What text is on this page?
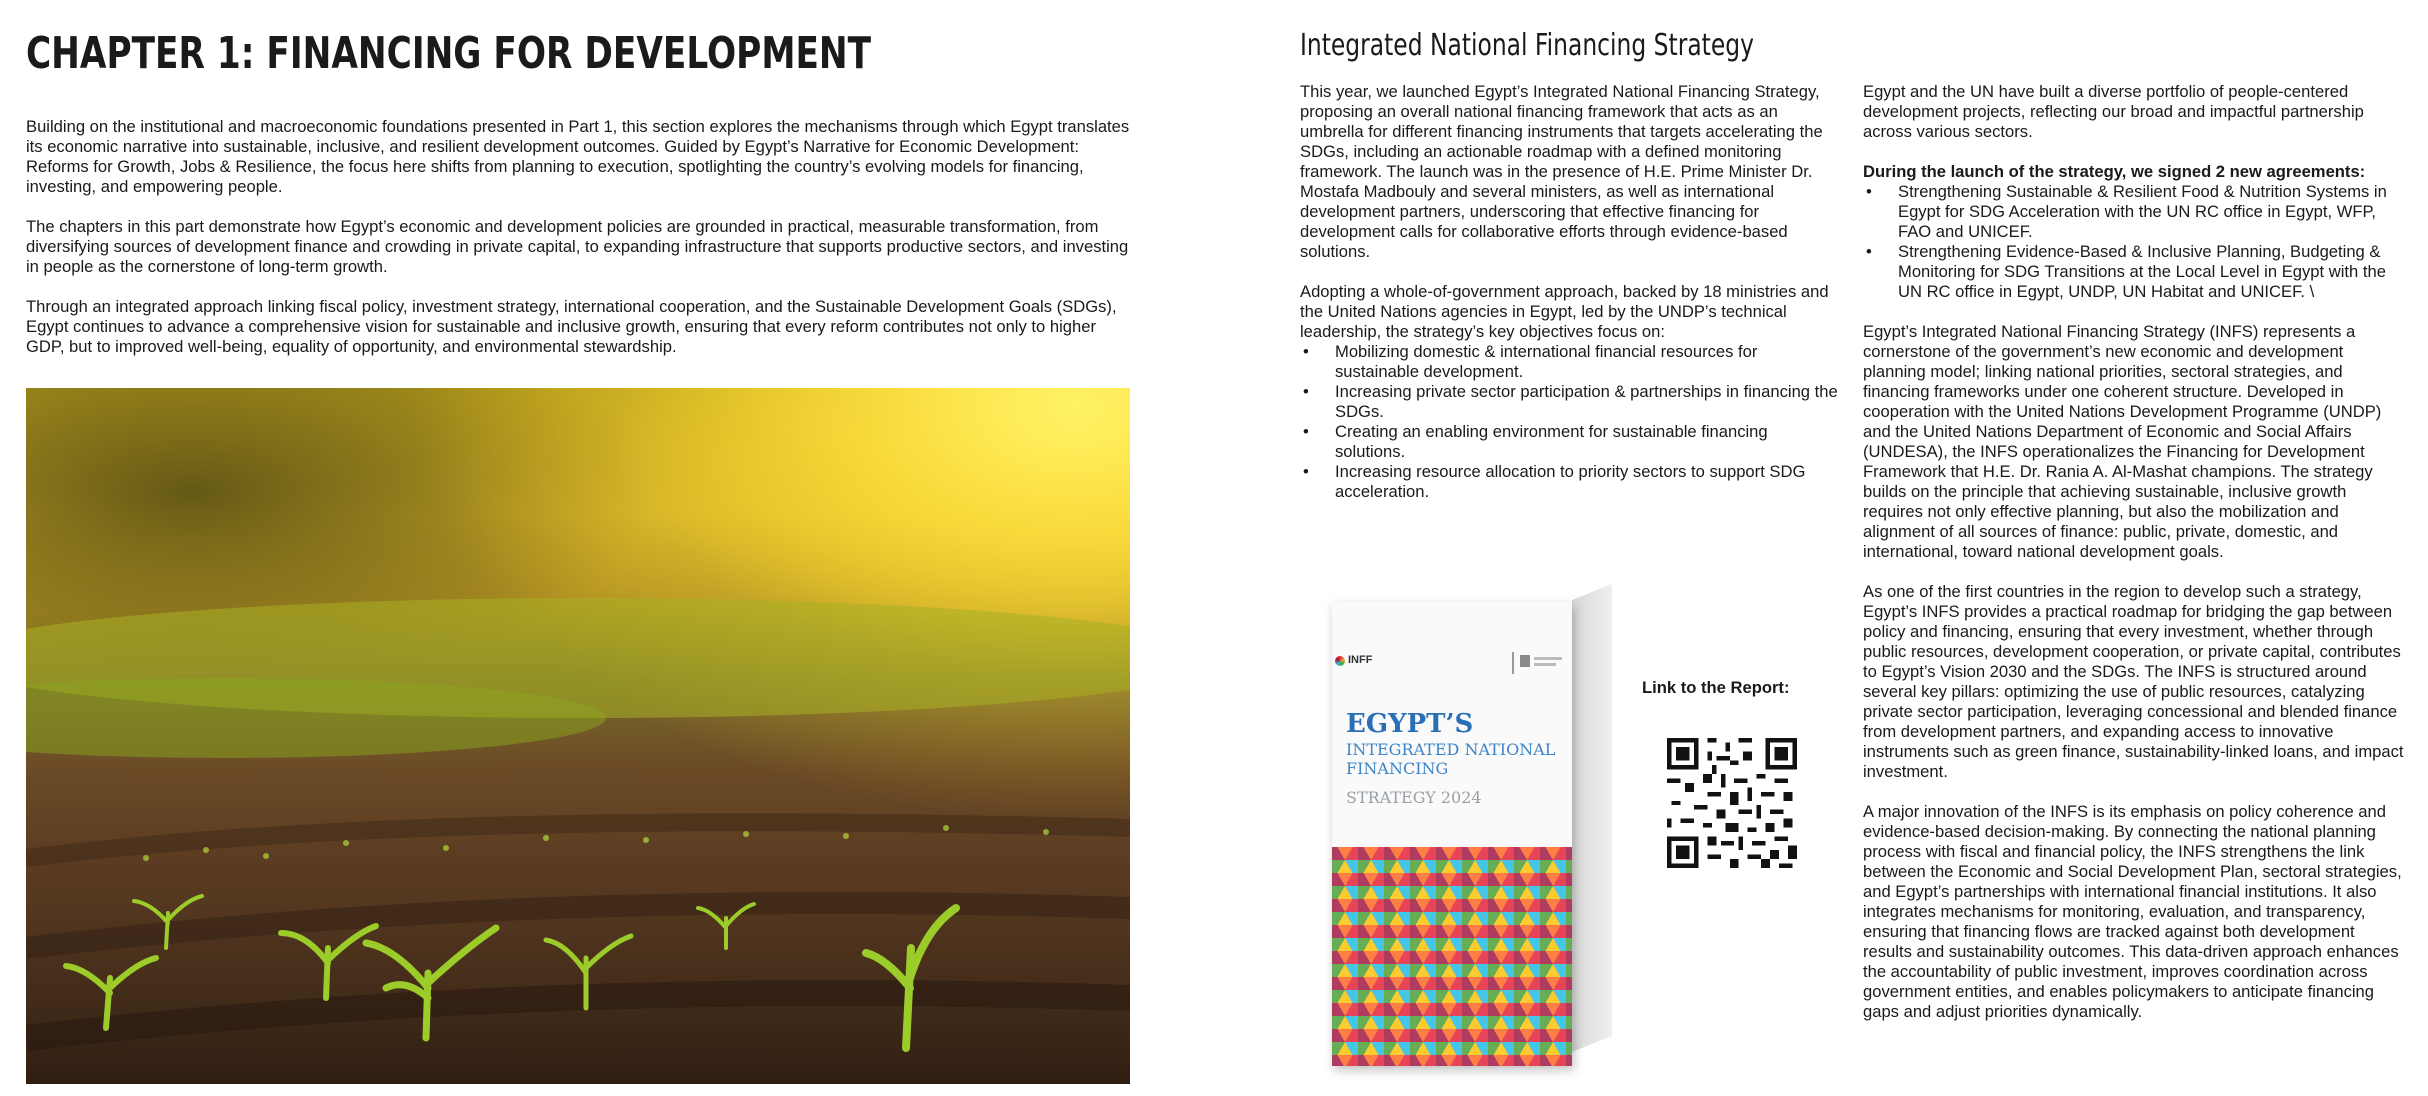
CHAPTER 1: FINANCING FOR DEVELOPMENT

Building on the institutional and macroeconomic foundations presented in Part 1, this section explores the mechanisms through which Egypt translates its economic narrative into sustainable, inclusive, and resilient development outcomes. Guided by Egypt’s Narrative for Economic Development: Reforms for Growth, Jobs & Resilience, the focus here shifts from planning to execution, spotlighting the country’s evolving models for financing, investing, and empowering people.

The chapters in this part demonstrate how Egypt’s economic and development policies are grounded in practical, measurable transformation, from diversifying sources of development finance and crowding in private capital, to expanding infrastructure that supports productive sectors, and investing in people as the cornerstone of long-term growth.

Through an integrated approach linking fiscal policy, investment strategy, international cooperation, and the Sustainable Development Goals (SDGs), Egypt continues to advance a comprehensive vision for sustainable and inclusive growth, ensuring that every reform contributes not only to higher GDP, but to improved well-being, equality of opportunity, and environmental stewardship.

Integrated National Financing Strategy

This year, we launched Egypt’s Integrated National Financing Strategy, proposing an overall national financing framework that acts as an umbrella for different financing instruments that targets accelerating the SDGs, including an actionable roadmap with a defined monitoring framework. The launch was in the presence of H.E. Prime Minister Dr. Mostafa Madbouly and several ministers, as well as international development partners, underscoring that effective financing for development calls for collaborative efforts through evidence-based solutions.

Adopting a whole-of-government approach, backed by 18 ministries and the United Nations agencies in Egypt, led by the UNDP’s technical leadership, the strategy’s key objectives focus on:

• Mobilizing domestic & international financial resources for sustainable development.
• Increasing private sector participation & partnerships in financing the SDGs.
• Creating an enabling environment for sustainable financing solutions.
• Increasing resource allocation to priority sectors to support SDG acceleration.

Egypt and the UN have built a diverse portfolio of people-centered development projects, reflecting our broad and impactful partnership across various sectors.

During the launch of the strategy, we signed 2 new agreements:

• Strengthening Sustainable & Resilient Food & Nutrition Systems in Egypt for SDG Acceleration with the UN RC office in Egypt, WFP, FAO and UNICEF.
• Strengthening Evidence-Based & Inclusive Planning, Budgeting & Monitoring for SDG Transitions at the Local Level in Egypt with the UN RC office in Egypt, UNDP, UN Habitat and UNICEF. \

Egypt’s Integrated National Financing Strategy (INFS) represents a cornerstone of the government’s new economic and development planning model; linking national priorities, sectoral strategies, and financing frameworks under one coherent structure. Developed in cooperation with the United Nations Development Programme (UNDP) and the United Nations Department of Economic and Social Affairs (UNDESA), the INFS operationalizes the Financing for Development Framework that H.E. Dr. Rania A. Al-Mashat champions. The strategy builds on the principle that achieving sustainable, inclusive growth requires not only effective planning, but also the mobilization and alignment of all sources of finance: public, private, domestic, and international, toward national development goals.

As one of the first countries in the region to develop such a strategy, Egypt’s INFS provides a practical roadmap for bridging the gap between policy and financing, ensuring that every investment, whether through public resources, development cooperation, or private capital, contributes to Egypt’s Vision 2030 and the SDGs. The INFS is structured around several key pillars: optimizing the use of public resources, catalyzing private sector participation, leveraging concessional and blended finance from development partners, and expanding access to innovative instruments such as green finance, sustainability-linked loans, and impact investment.

A major innovation of the INFS is its emphasis on policy coherence and evidence-based decision-making. By connecting the national planning process with fiscal and financial policy, the INFS strengthens the link between the Economic and Social Development Plan, sectoral strategies, and Egypt’s partnerships with international financial institutions. It also integrates mechanisms for monitoring, evaluation, and transparency, ensuring that financing flows are tracked against both development results and sustainability outcomes. This data-driven approach enhances the accountability of public investment, improves coordination across government entities, and enables policymakers to anticipate financing gaps and adjust priorities dynamically.

INFF
EGYPT’S
INTEGRATED NATIONAL FINANCING
STRATEGY 2024
Link to the Report:
